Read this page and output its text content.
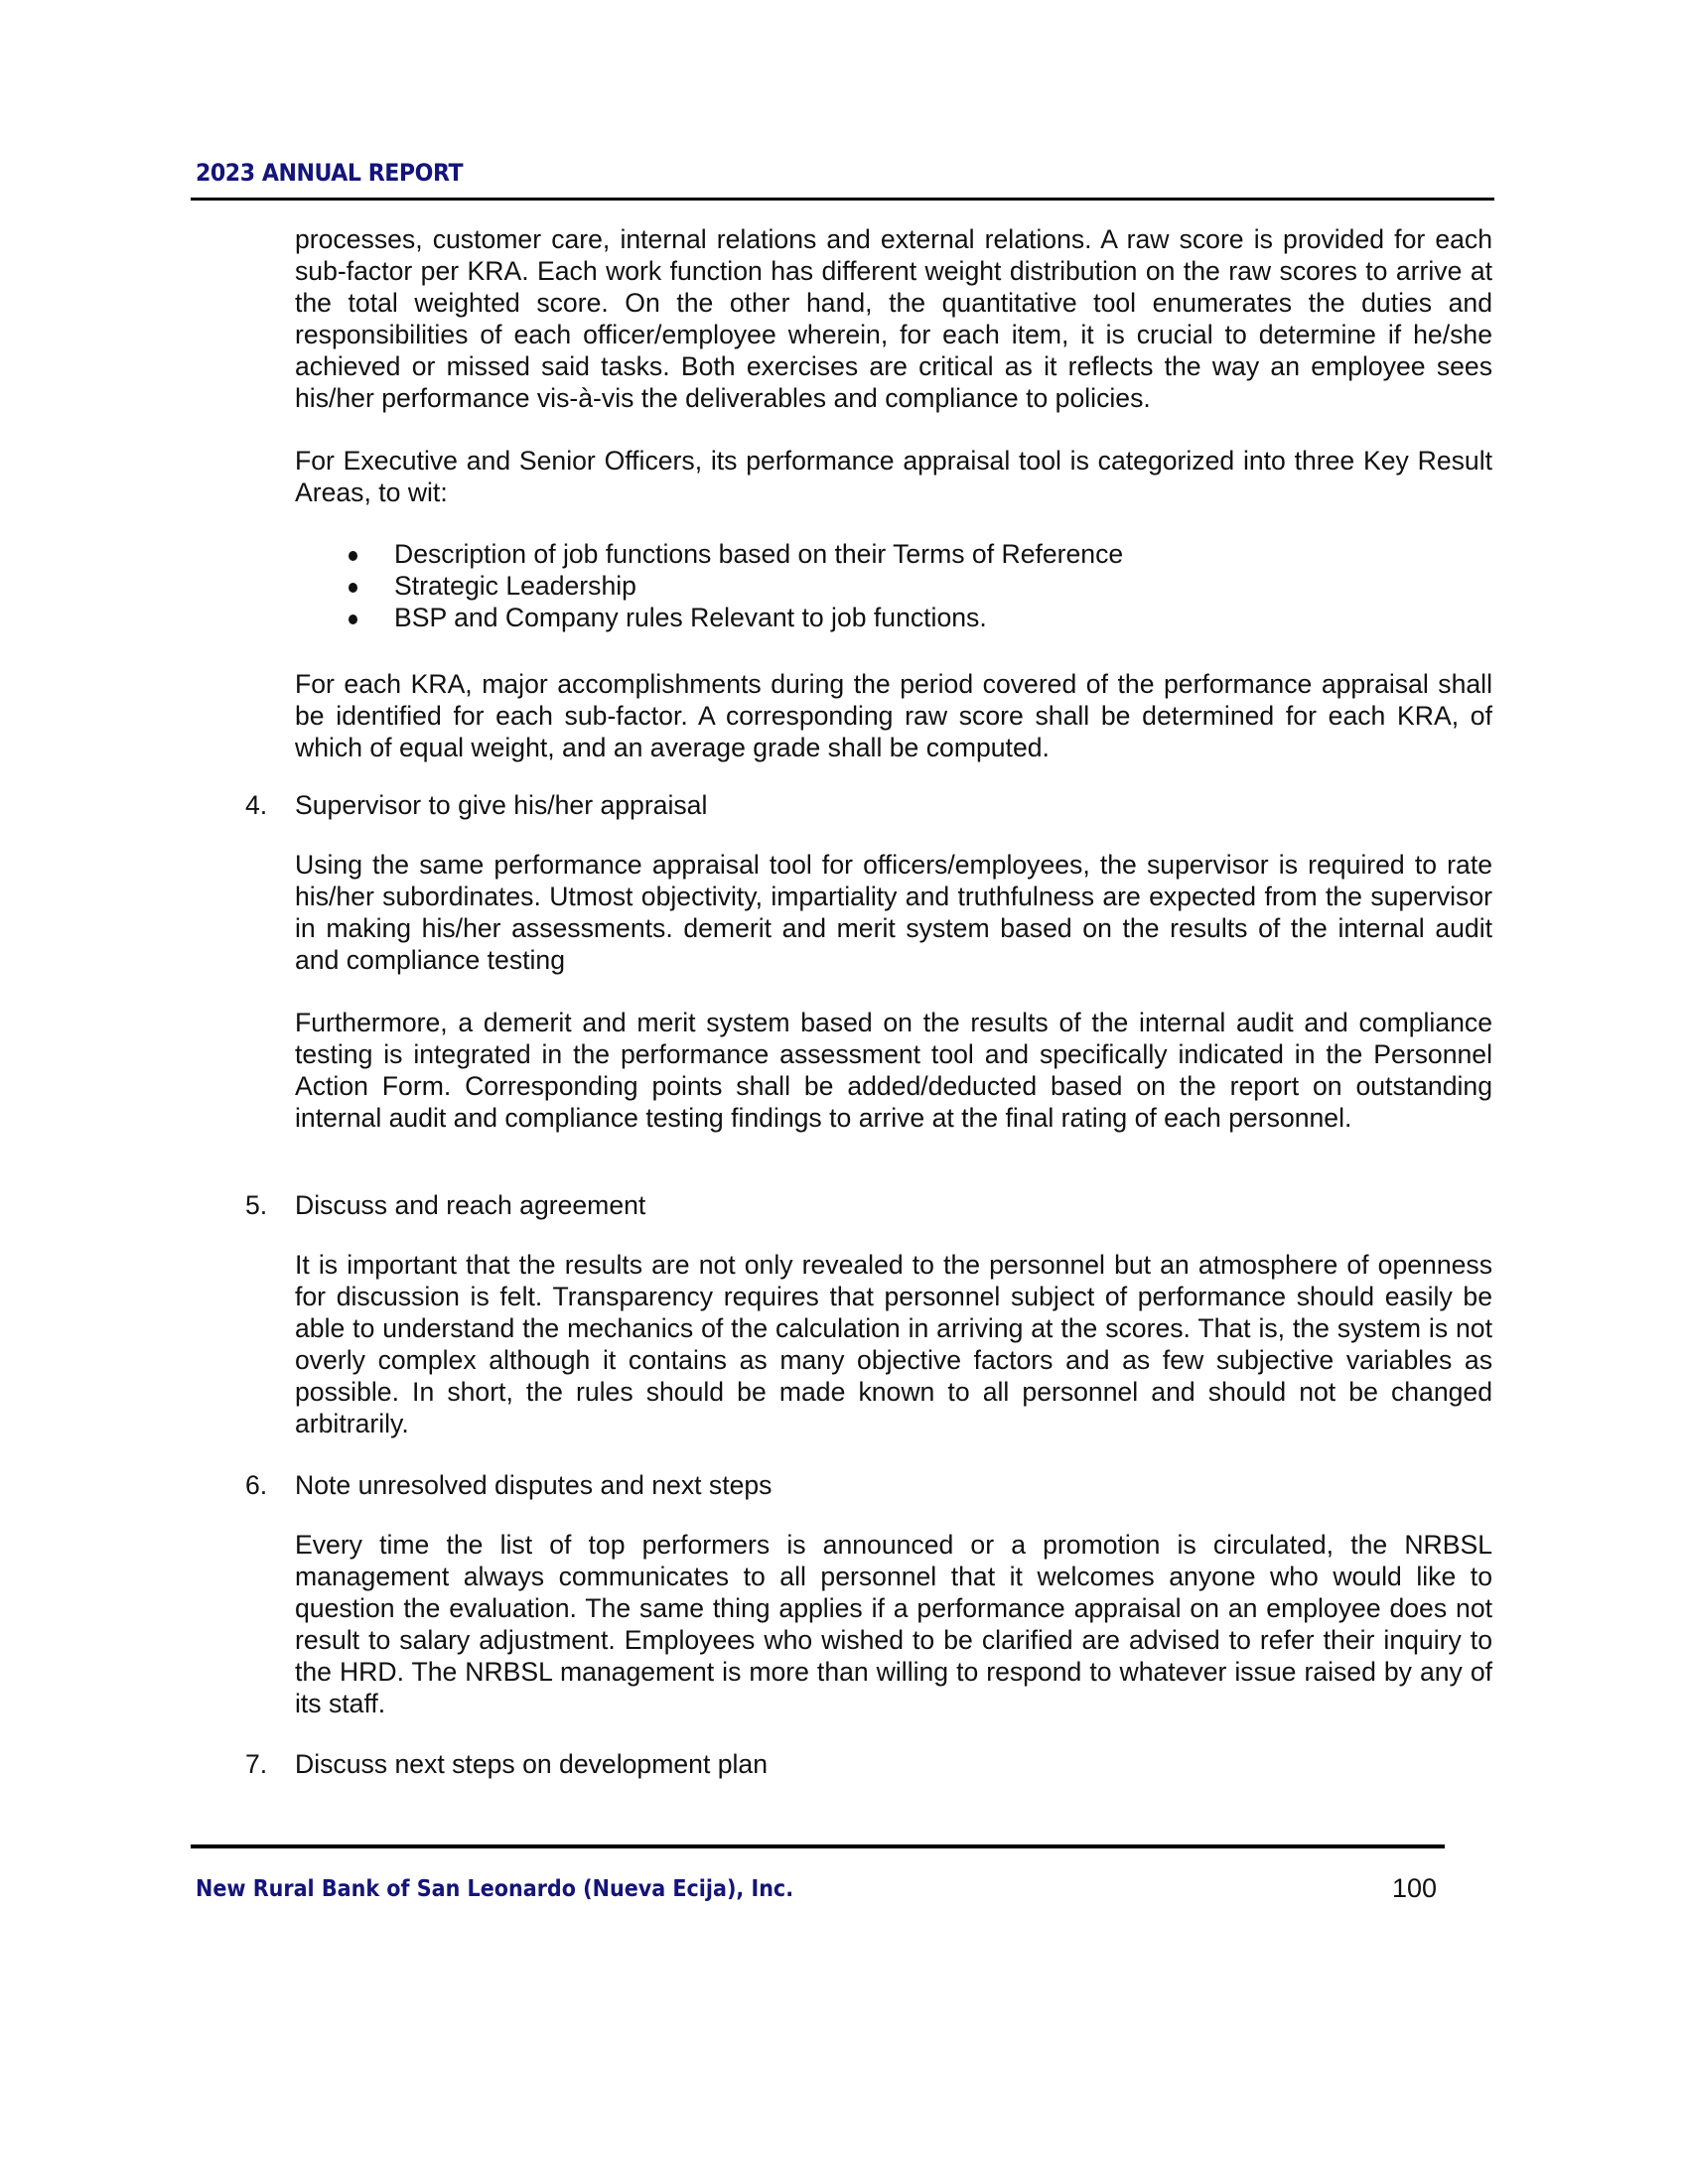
2023 ANNUAL REPORT

processes, customer care, internal relations and external relations. A raw score is provided for each sub-factor per KRA. Each work function has different weight distribution on the raw scores to arrive at the total weighted score. On the other hand, the quantitative tool enumerates the duties and responsibilities of each officer/employee wherein, for each item, it is crucial to determine if he/she achieved or missed said tasks. Both exercises are critical as it reflects the way an employee sees his/her performance vis-à-vis the deliverables and compliance to policies.

For Executive and Senior Officers, its performance appraisal tool is categorized into three Key Result Areas, to wit:

Description of job functions based on their Terms of Reference
Strategic Leadership
BSP and Company rules Relevant to job functions.

For each KRA, major accomplishments during the period covered of the performance appraisal shall be identified for each sub-factor. A corresponding raw score shall be determined for each KRA, of which of equal weight, and an average grade shall be computed.

4. Supervisor to give his/her appraisal

Using the same performance appraisal tool for officers/employees, the supervisor is required to rate his/her subordinates. Utmost objectivity, impartiality and truthfulness are expected from the supervisor in making his/her assessments. demerit and merit system based on the results of the internal audit and compliance testing

Furthermore, a demerit and merit system based on the results of the internal audit and compliance testing is integrated in the performance assessment tool and specifically indicated in the Personnel Action Form. Corresponding points shall be added/deducted based on the report on outstanding internal audit and compliance testing findings to arrive at the final rating of each personnel.

5. Discuss and reach agreement

It is important that the results are not only revealed to the personnel but an atmosphere of openness for discussion is felt. Transparency requires that personnel subject of performance should easily be able to understand the mechanics of the calculation in arriving at the scores. That is, the system is not overly complex although it contains as many objective factors and as few subjective variables as possible. In short, the rules should be made known to all personnel and should not be changed arbitrarily.

6. Note unresolved disputes and next steps

Every time the list of top performers is announced or a promotion is circulated, the NRBSL management always communicates to all personnel that it welcomes anyone who would like to question the evaluation. The same thing applies if a performance appraisal on an employee does not result to salary adjustment. Employees who wished to be clarified are advised to refer their inquiry to the HRD. The NRBSL management is more than willing to respond to whatever issue raised by any of its staff.

7. Discuss next steps on development plan
New Rural Bank of San Leonardo (Nueva Ecija), Inc.	100
